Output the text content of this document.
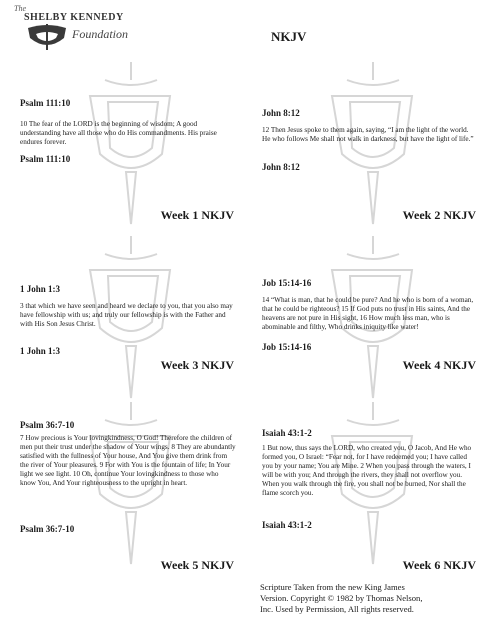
The
SHELBY KENNEDY
Foundation	NKJV
Psalm 111:10
10 The fear of the LORD is the beginning of wisdom; A good understanding have all those who do His commandments. His praise endures forever.
Psalm 111:10
Week 1 NKJV
John 8:12
12 Then Jesus spoke to them again, saying, “I am the light of the world. He who follows Me shall not walk in darkness, but have the light of life.”
John 8:12
Week 2 NKJV
1 John 1:3
3 that which we have seen and heard we declare to you, that you also may have fellowship with us; and truly our fellowship is with the Father and with His Son Jesus Christ.
1 John 1:3
Week 3 NKJV
Job 15:14-16
14 “What is man, that he could be pure? And he who is born of a woman, that he could be righteous? 15 If God puts no trust in His saints, And the heavens are not pure in His sight, 16 How much less man, who is abominable and filthy, Who drinks iniquity like water!
Job 15:14-16
Week 4 NKJV
Psalm 36:7-10
7 How precious is Your lovingkindness, O God! Therefore the children of men put their trust under the shadow of Your wings. 8 They are abundantly satisfied with the fullness of Your house, And You give them drink from the river of Your pleasures. 9 For with You is the fountain of life; In Your light we see light. 10 Oh, continue Your lovingkindness to those who know You, And Your righteousness to the upright in heart.
Psalm 36:7-10
Week 5 NKJV
Isaiah 43:1-2
1 But now, thus says the LORD, who created you, O Jacob, And He who formed you, O Israel: “Fear not, for I have redeemed you; I have called you by your name; You are Mine. 2 When you pass through the waters, I will be with you; And through the rivers, they shall not overflow you. When you walk through the fire, you shall not be burned, Nor shall the flame scorch you.
Isaiah 43:1-2
Week 6 NKJV
Scripture Taken from the new King James
Version. Copyright © 1982 by Thomas Nelson,
Inc. Used by Permission, All rights reserved.
